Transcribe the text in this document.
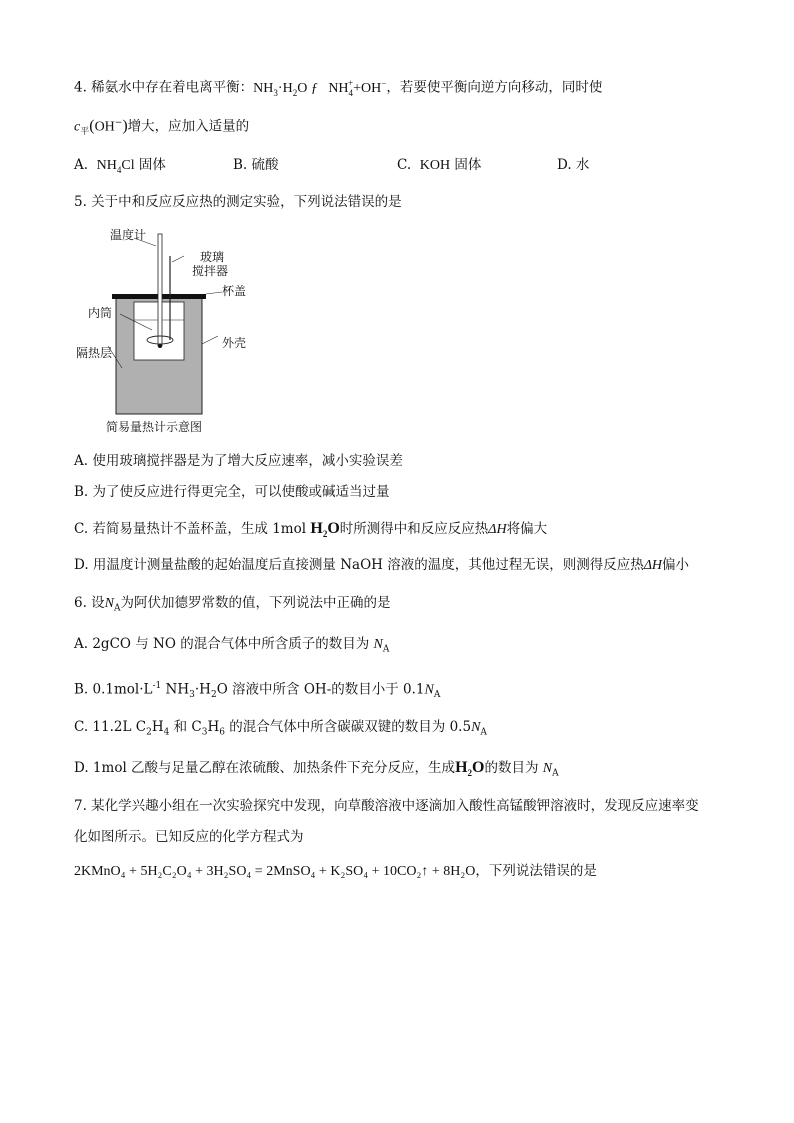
4. 稀氨水中存在着电离平衡：$NH_3\cdot H_2O$ ƒ $NH_4^++OH^-$，若要使平衡向逆方向移动，同时使
$c_平(OH^-)$增大，应加入适量的
A. $NH_4Cl$ 固体	B. 硫酸	C. KOH 固体	D. 水
5. 关于中和反应反应热的测定实验，下列说法错误的是
温度计
玻璃
搅拌器
杯盖
内筒
外壳
隔热层
简易量热计示意图
A. 使用玻璃搅拌器是为了增大反应速率，减小实验误差
B. 为了使反应进行得更完全，可以使酸或碱适当过量
C. 若简易量热计不盖杯盖，生成 1mol $H_2O$时所测得中和反应反应热ΔH将偏大
D. 用温度计测量盐酸的起始温度后直接测量 NaOH 溶液的温度，其他过程无误，则测得反应热ΔH偏小
6. 设$N_A$为阿伏加德罗常数的值，下列说法中正确的是
A. 2gCO 与 NO 的混合气体中所含质子的数目为 $N_A$
B. $0.1mol\cdot L^{-1}$ $NH_3\cdot H_2O$ 溶液中所含 OH-的数目小于 $0.1N_A$
C. 11.2L $C_2H_4$ 和 $C_3H_6$ 的混合气体中所含碳碳双键的数目为 $0.5N_A$
D. 1mol 乙酸与足量乙醇在浓硫酸、加热条件下充分反应，生成$H_2O$的数目为 $N_A$
7. 某化学兴趣小组在一次实验探究中发现，向草酸溶液中逐滴加入酸性高锰酸钾溶液时，发现反应速率变
化如图所示。已知反应的化学方程式为
2KMnO₄ + 5H₂C₂O₄ + 3H₂SO₄ = 2MnSO₄ + K₂SO₄ + 10CO₂↑ + 8H₂O，下列说法错误的是
